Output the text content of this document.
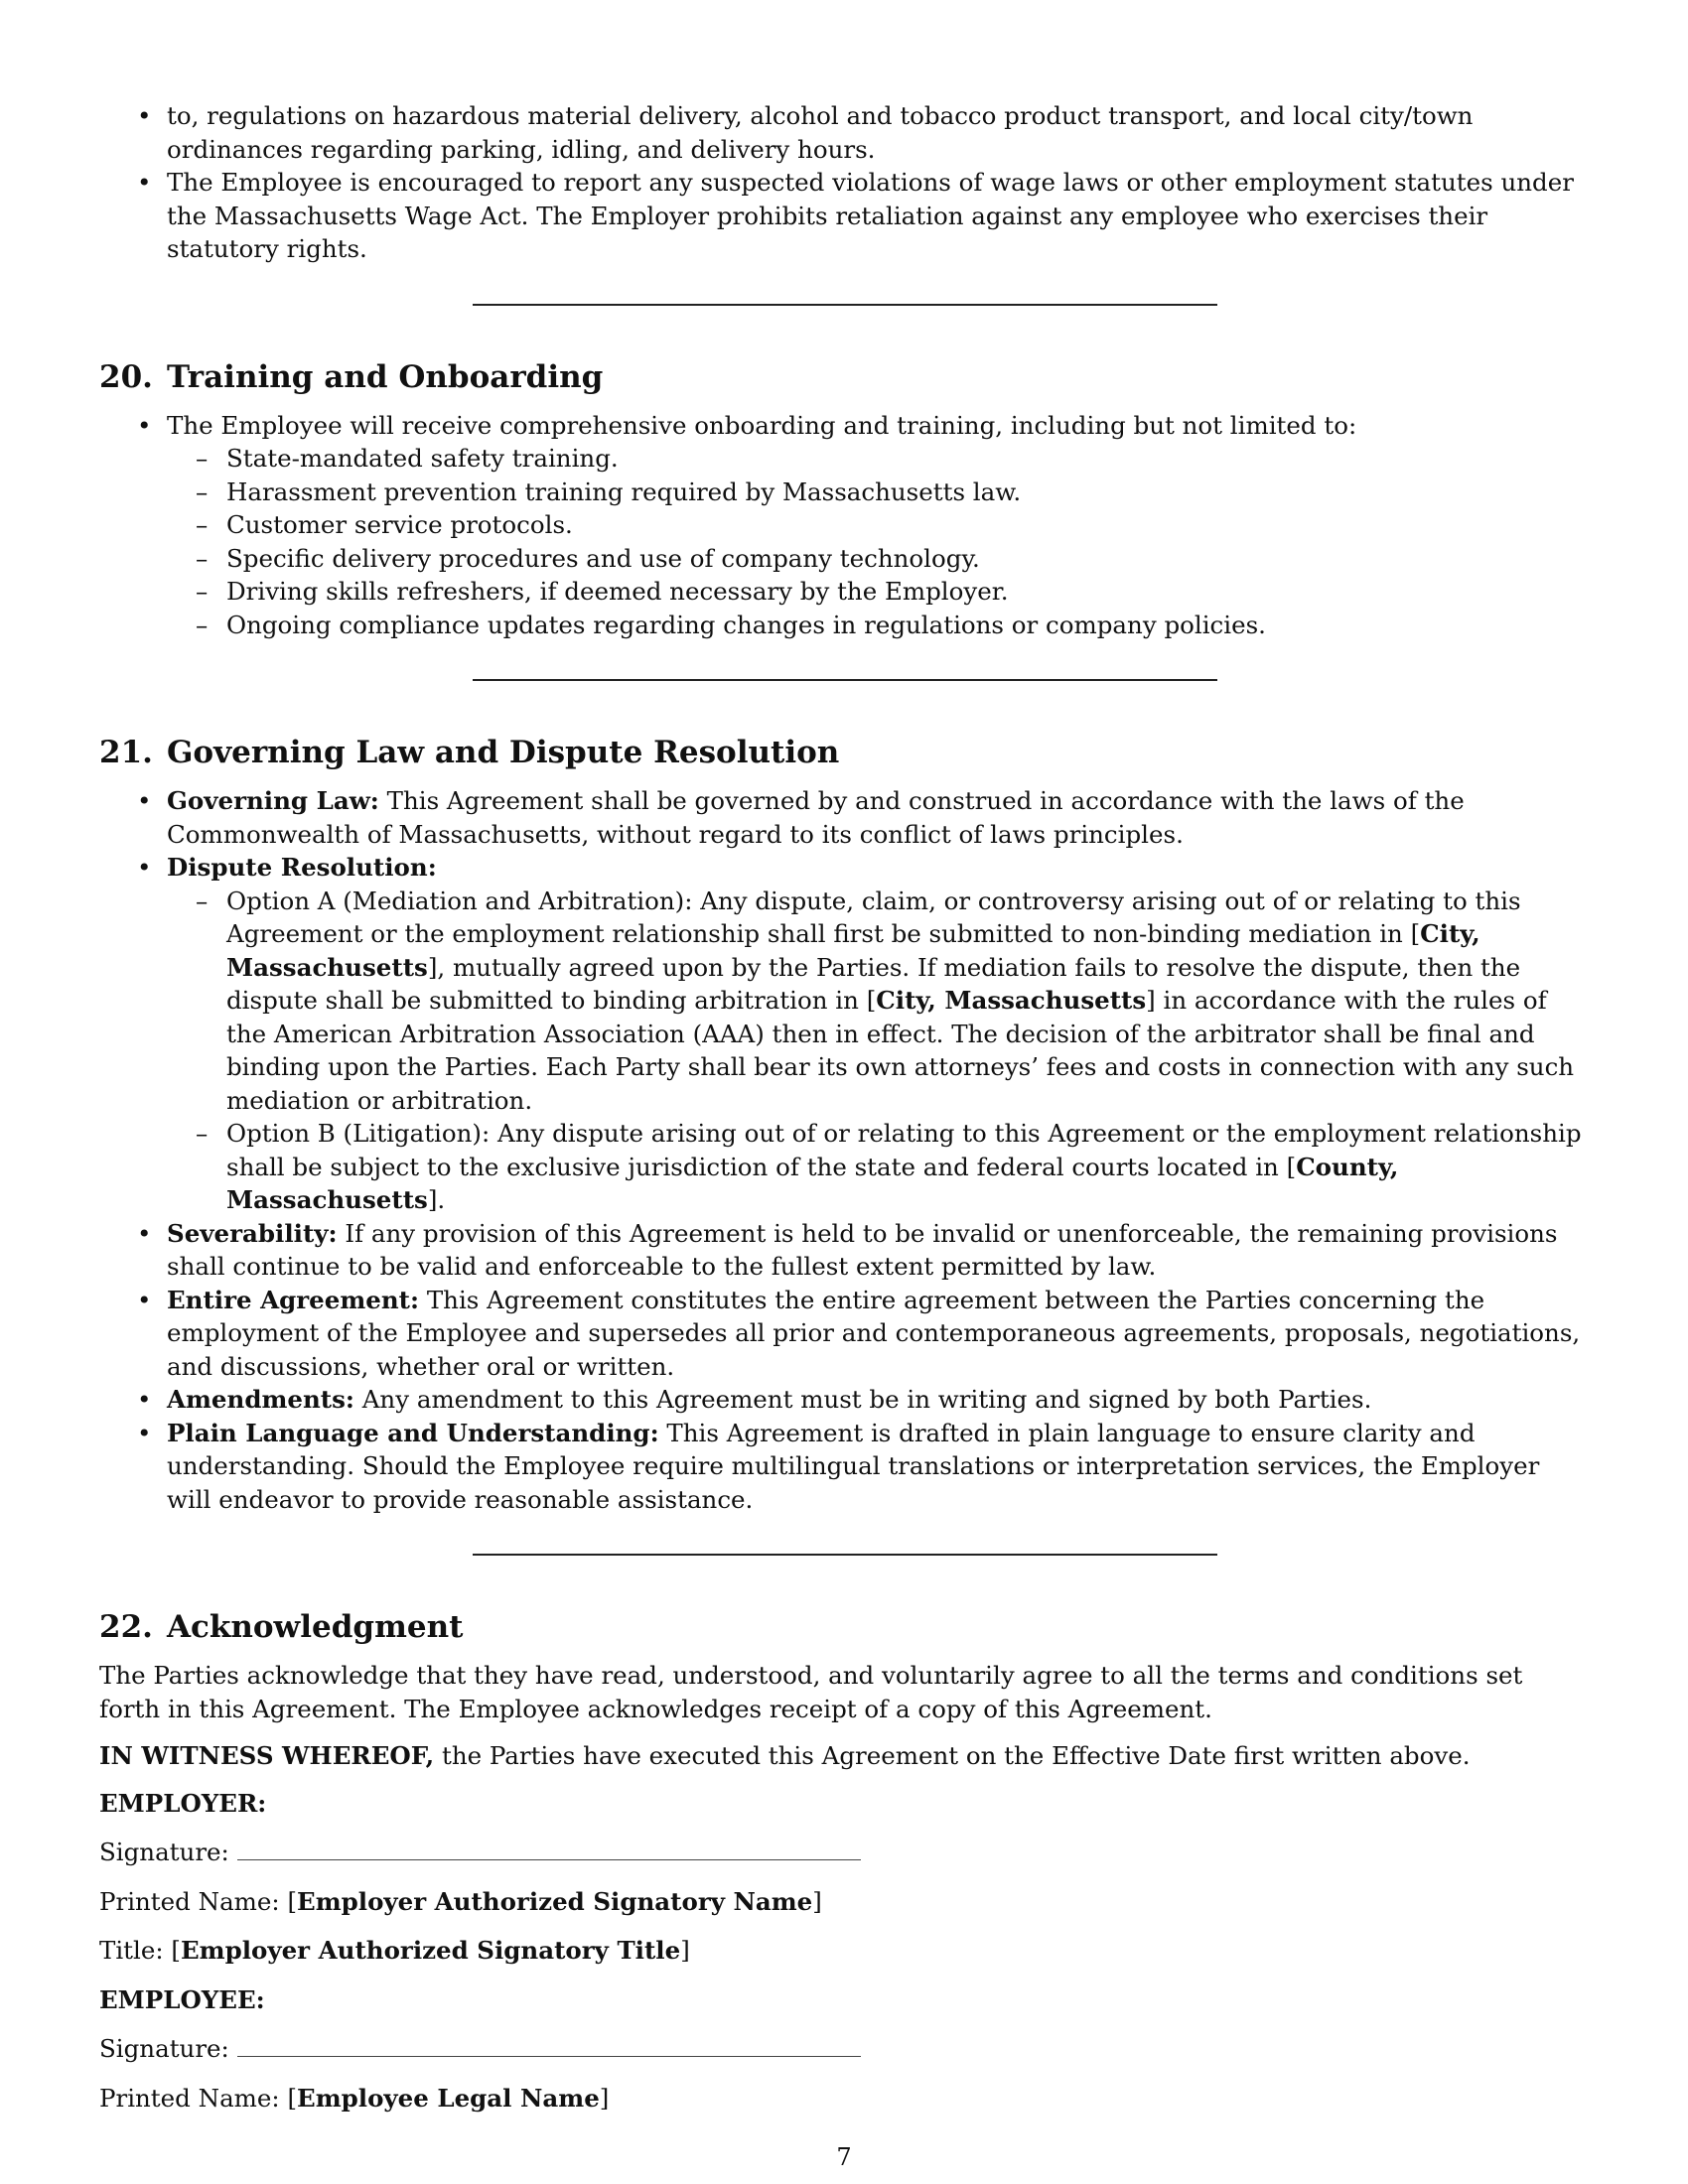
• to, regulations on hazardous material delivery, alcohol and tobacco product transport, and local city/town ordinances regarding parking, idling, and delivery hours.
• The Employee is encouraged to report any suspected violations of wage laws or other employment statutes under the Massachusetts Wage Act. The Employer prohibits retaliation against any employee who exercises their statutory rights.
20. Training and Onboarding
• The Employee will receive comprehensive onboarding and training, including but not limited to:
– State-mandated safety training.
– Harassment prevention training required by Massachusetts law.
– Customer service protocols.
– Specific delivery procedures and use of company technology.
– Driving skills refreshers, if deemed necessary by the Employer.
– Ongoing compliance updates regarding changes in regulations or company policies.
21. Governing Law and Dispute Resolution
• Governing Law: This Agreement shall be governed by and construed in accordance with the laws of the Commonwealth of Massachusetts, without regard to its conflict of laws principles.
• Dispute Resolution:
– Option A (Mediation and Arbitration): Any dispute, claim, or controversy arising out of or relating to this Agreement or the employment relationship shall first be submitted to non-binding mediation in [City, Massachusetts], mutually agreed upon by the Parties. If mediation fails to resolve the dispute, then the dispute shall be submitted to binding arbitration in [City, Massachusetts] in accordance with the rules of the American Arbitration Association (AAA) then in effect. The decision of the arbitrator shall be final and binding upon the Parties. Each Party shall bear its own attorneys’ fees and costs in connection with any such mediation or arbitration.
– Option B (Litigation): Any dispute arising out of or relating to this Agreement or the employment relationship shall be subject to the exclusive jurisdiction of the state and federal courts located in [County, Massachusetts].
• Severability: If any provision of this Agreement is held to be invalid or unenforceable, the remaining provisions shall continue to be valid and enforceable to the fullest extent permitted by law.
• Entire Agreement: This Agreement constitutes the entire agreement between the Parties concerning the employment of the Employee and supersedes all prior and contemporaneous agreements, proposals, negotiations, and discussions, whether oral or written.
• Amendments: Any amendment to this Agreement must be in writing and signed by both Parties.
• Plain Language and Understanding: This Agreement is drafted in plain language to ensure clarity and understanding. Should the Employee require multilingual translations or interpretation services, the Employer will endeavor to provide reasonable assistance.
22. Acknowledgment

The Parties acknowledge that they have read, understood, and voluntarily agree to all the terms and conditions set forth in this Agreement. The Employee acknowledges receipt of a copy of this Agreement.

IN WITNESS WHEREOF, the Parties have executed this Agreement on the Effective Date first written above.

EMPLOYER:

Signature:

Printed Name: [Employer Authorized Signatory Name]

Title: [Employer Authorized Signatory Title]

EMPLOYEE:

Signature:

Printed Name: [Employee Legal Name]

7
